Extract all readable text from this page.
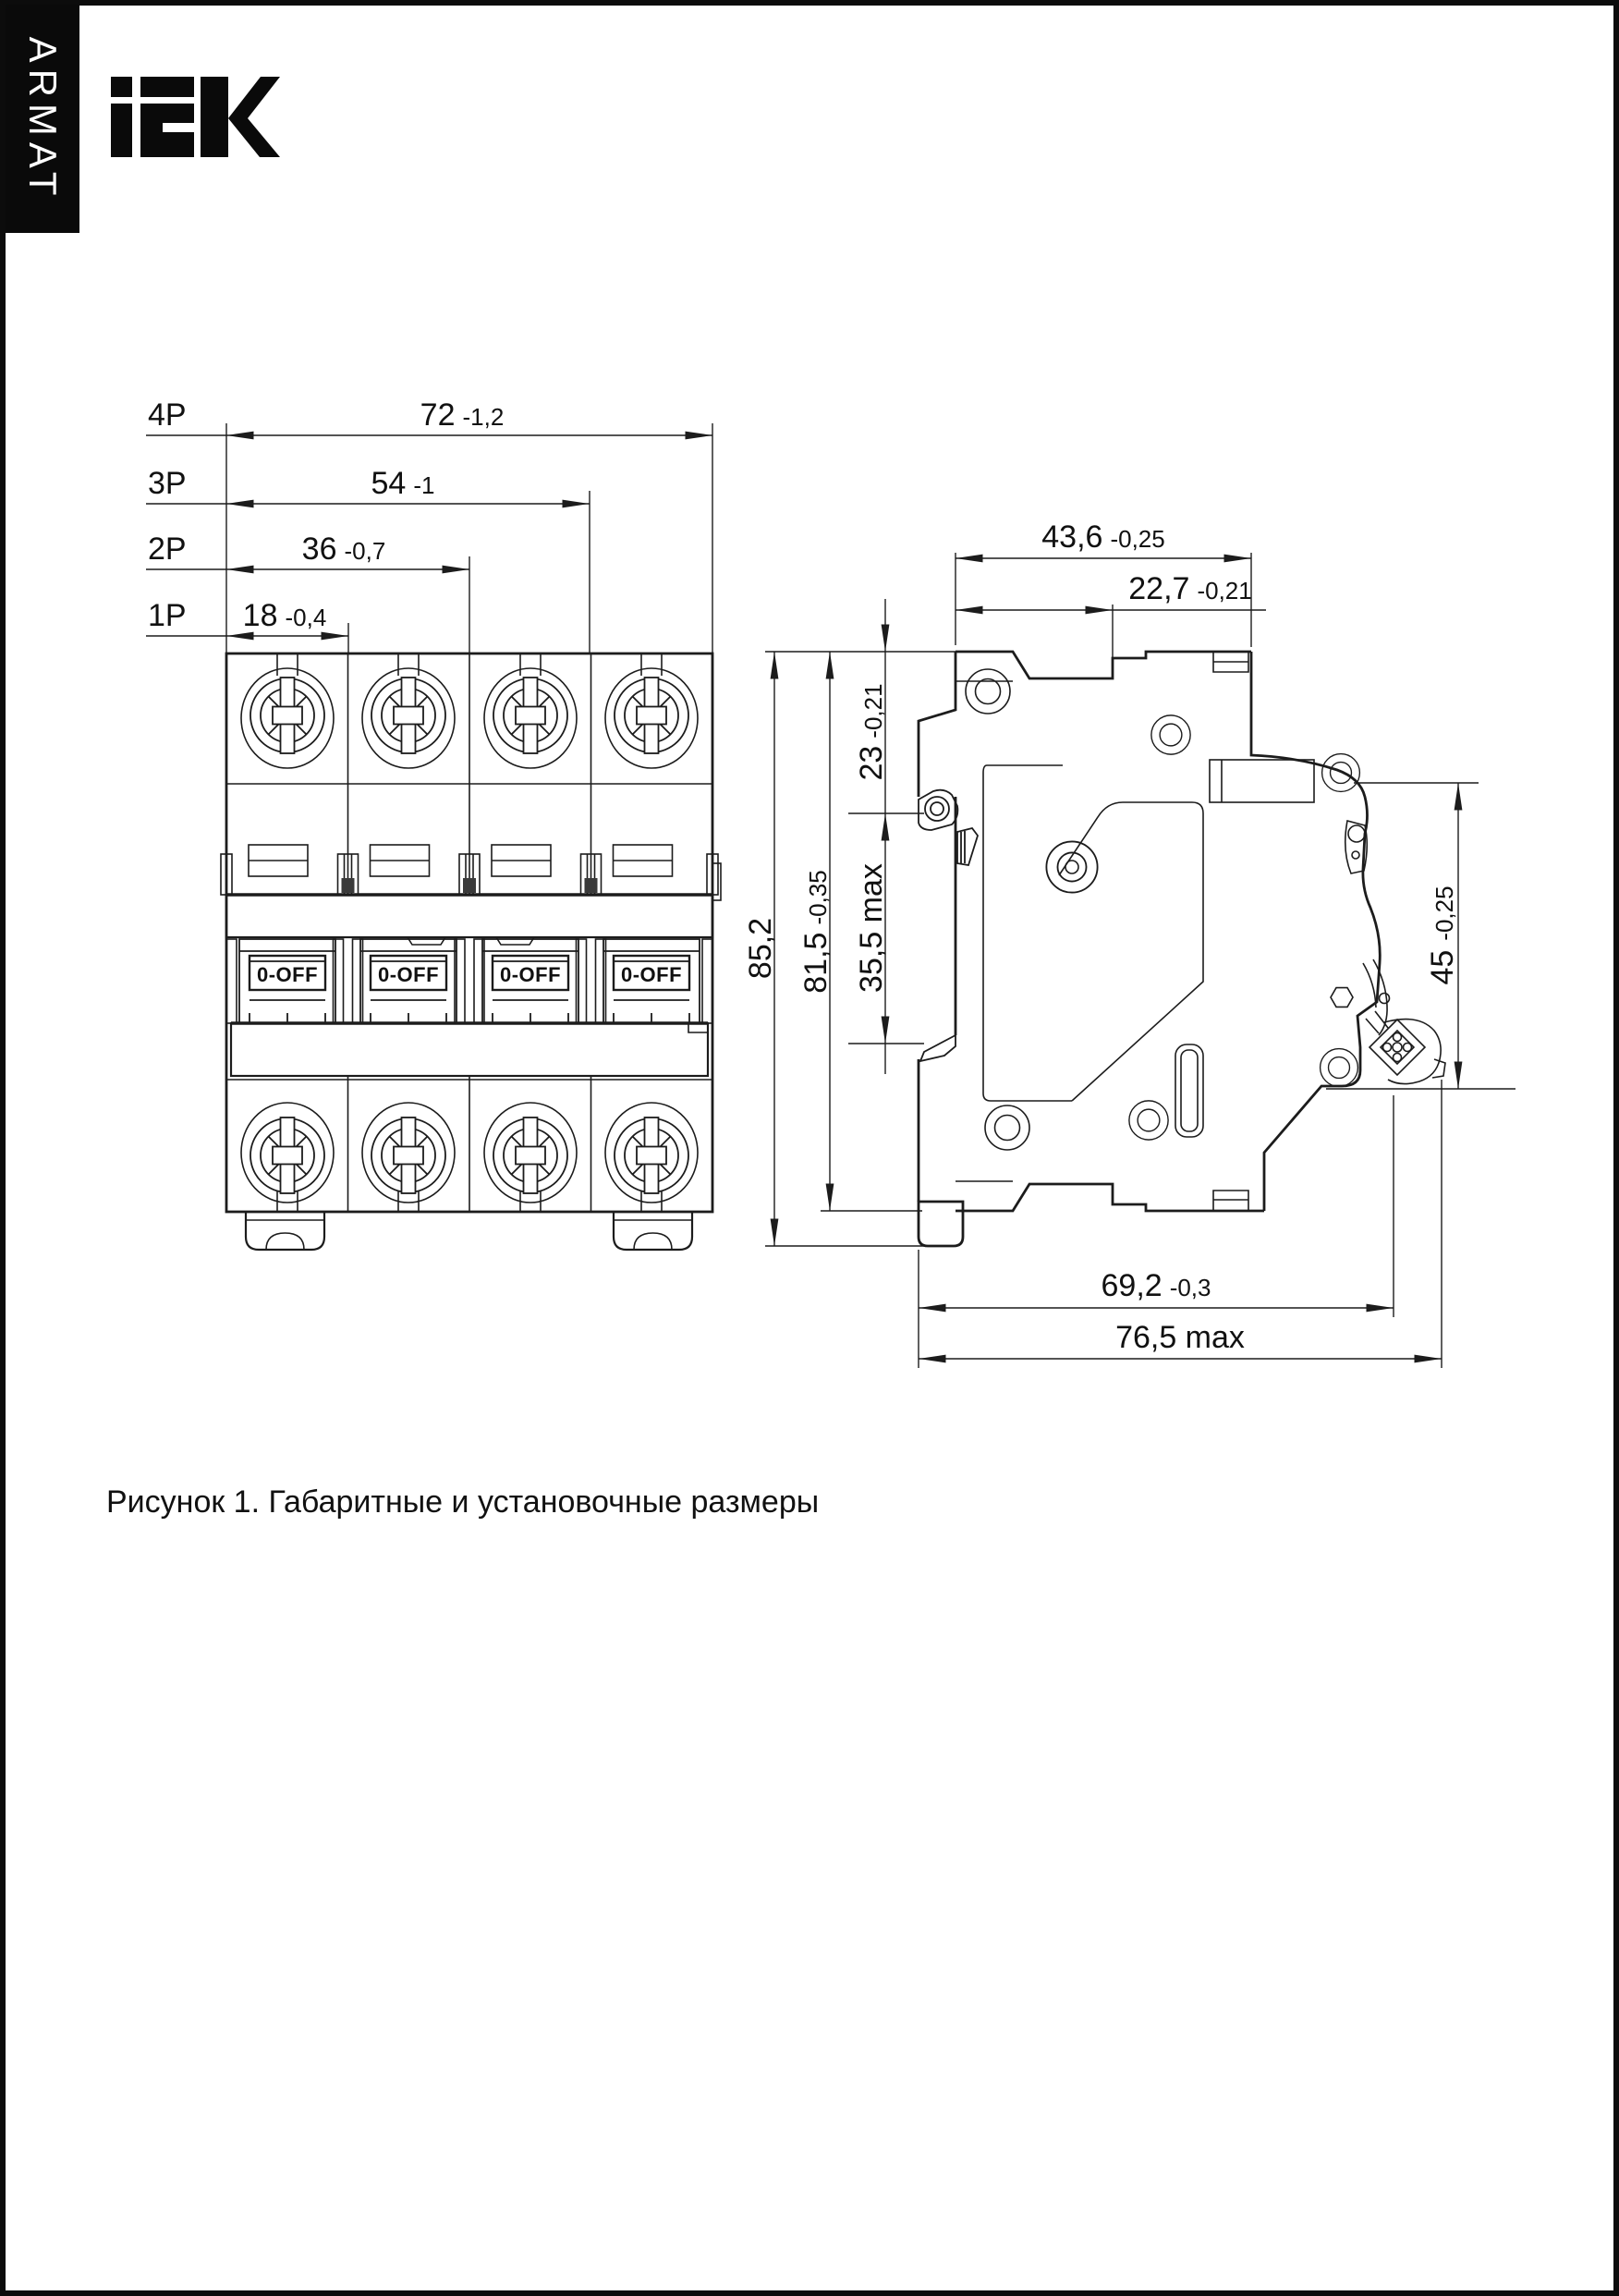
ARMAT
0-OFF	0-OFF	0-OFF	0-OFF
4P
3P
2P
1P
72 -1,2
54 -1
36 -0,7
18 -0,4
43,6 -0,25
22,7 -0,21
85,2 81,5-0,35
23-0,21
35,5 max	45-0,25
69,2 -0,3
76,5 max
Рисунок 1. Габаритные и установочные размеры
